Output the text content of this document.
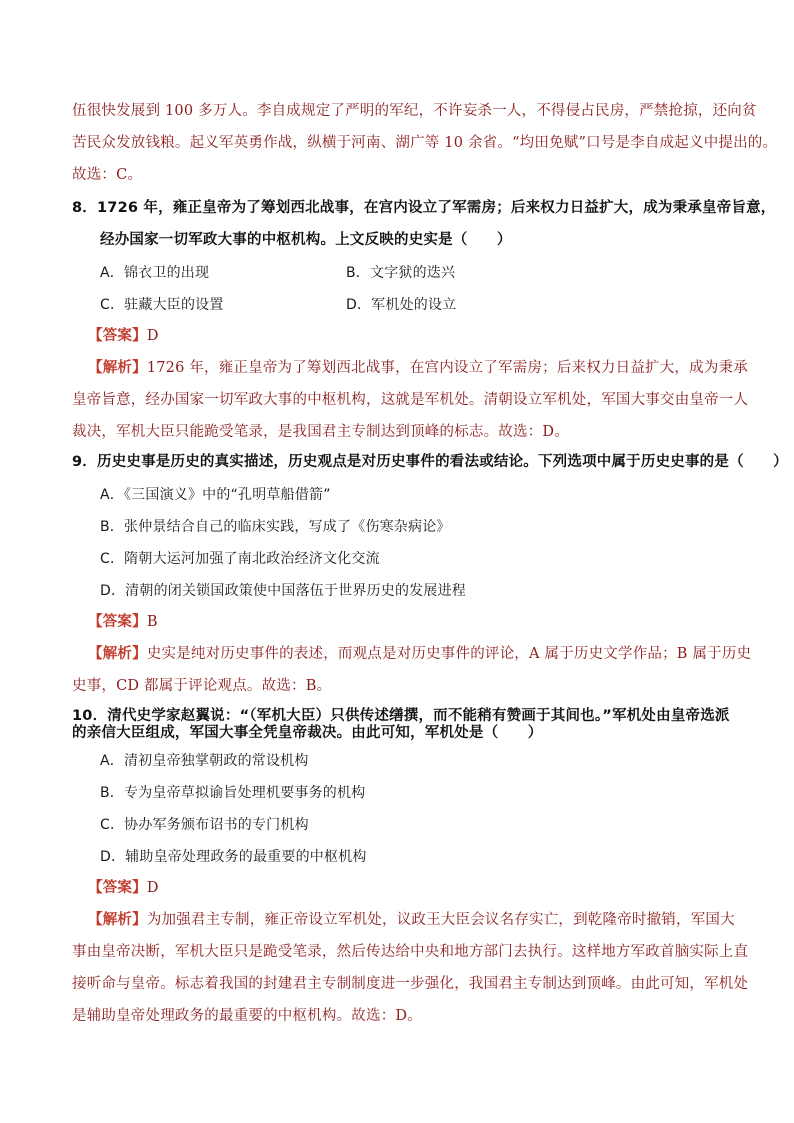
伍很快发展到 100 多万人。李自成规定了严明的军纪，不许妄杀一人，不得侵占民房，严禁抢掠，还向贫
苦民众发放钱粮。起义军英勇作战，纵横于河南、湖广等 10 余省。“均田免赋”口号是李自成起义中提出的。
故选：C。
8．1726 年，雍正皇帝为了筹划西北战事，在宫内设立了军需房；后来权力日益扩大，成为秉承皇帝旨意，
经办国家一切军政大事的中枢机构。上文反映的史实是（　　）
A．锦衣卫的出现	B．文字狱的迭兴
C．驻藏大臣的设置	D．军机处的设立
【答案】D
【解析】1726 年，雍正皇帝为了筹划西北战事，在宫内设立了军需房；后来权力日益扩大，成为秉承
皇帝旨意，经办国家一切军政大事的中枢机构，这就是军机处。清朝设立军机处，军国大事交由皇帝一人
裁决，军机大臣只能跪受笔录，是我国君主专制达到顶峰的标志。故选：D。
9．历史史事是历史的真实描述，历史观点是对历史事件的看法或结论。下列选项中属于历史史事的是（　　）
A．《三国演义》中的“孔明草船借箭”
B．张仲景结合自己的临床实践，写成了《伤寒杂病论》
C．隋朝大运河加强了南北政治经济文化交流
D．清朝的闭关锁国政策使中国落伍于世界历史的发展进程
【答案】B
【解析】史实是纯对历史事件的表述，而观点是对历史事件的评论，A 属于历史文学作品；B 属于历史
史事，CD 都属于评论观点。故选：B。
10．清代史学家赵翼说：“（军机大臣）只供传述缮撰，而不能稍有赞画于其间也。”军机处由皇帝选派
的亲信大臣组成，军国大事全凭皇帝裁决。由此可知，军机处是（　　）
A．清初皇帝独掌朝政的常设机构
B．专为皇帝草拟谕旨处理机要事务的机构
C．协办军务颁布诏书的专门机构
D．辅助皇帝处理政务的最重要的中枢机构
【答案】D
【解析】为加强君主专制，雍正帝设立军机处，议政王大臣会议名存实亡，到乾隆帝时撤销，军国大
事由皇帝决断，军机大臣只是跪受笔录，然后传达给中央和地方部门去执行。这样地方军政首脑实际上直
接听命与皇帝。标志着我国的封建君主专制制度进一步强化，我国君主专制达到顶峰。由此可知，军机处
是辅助皇帝处理政务的最重要的中枢机构。故选：D。
